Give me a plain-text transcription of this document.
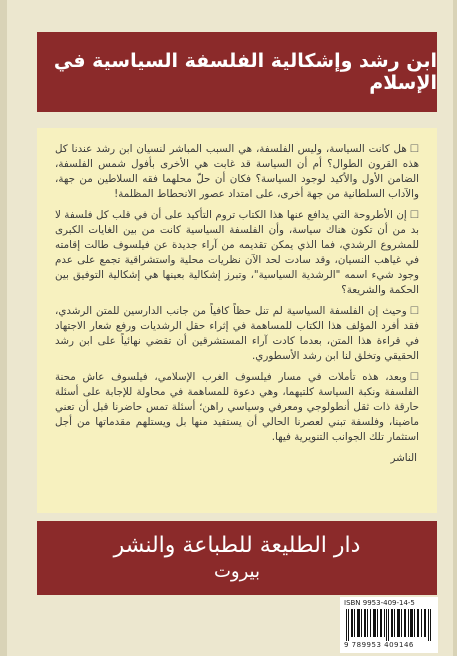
ابن رشد وإشكالية الفلسفة السياسية في الإسلام

☐هل كانت السياسة، وليس الفلسفة، هي السبب المباشر لنسيان ابن رشد عندنا كل هذه القرون الطوال؟ أم أن السياسة قد غابت هي الأخرى بأفول شمس الفلسفة، الضامن الأول والأكيد لوجود السياسة؟ فكان أن حلّ محلهما فقه السلاطين من جهة، والآداب السلطانية من جهة أخرى، على امتداد عصور الانحطاط المظلمة!

☐إن الأطروحة التي يدافع عنها هذا الكتاب تروم التأكيد على أن في قلب كل فلسفة لا بد من أن تكون هناك سياسة، وأن الفلسفة السياسية كانت من بين الغايات الكبرى للمشروع الرشدي، فما الذي يمكن تقديمه من آراء جديدة عن فيلسوف طالت إقامته في غياهب النسيان، وقد سادت لحد الآن نظريات محلية واستشراقية تجمع على عدم وجود شيء اسمه "الرشدية السياسية"، وتبرز إشكالية بعينها هي إشكالية التوفيق بين الحكمة والشريعة؟

☐وحيث إن الفلسفة السياسية لم تنل حظاً كافياً من جانب الدارسين للمتن الرشدي، فقد أفرد المؤلف هذا الكتاب للمساهمة في إثراء حقل الرشديات ورفع شعار الاجتهاد في قراءة هذا المتن، بعدما كادت آراء المستشرقين أن تقضي نهائياً على ابن رشد الحقيقي وتخلق لنا ابن رشد الأسطوري.

☐وبعد، هذه تأملات في مسار فيلسوف الغرب الإسلامي، فيلسوف عاش محنة الفلسفة ونكبة السياسة كلتيهما، وهي دعوة للمساهمة في محاولة للإجابة على أسئلة حارقة ذات ثقل أنطولوجي ومعرفي وسياسي راهن؛ أسئلة تمس حاضرنا قبل أن تعني ماضينا، وفلسفة تبني لعصرنا الحالي أن يستفيد منها بل ويستلهم مقدماتها من أجل استثمار تلك الجوانب التنويرية فيها.

الناشر
دار الطليعة للطباعة والنشر
بيروت
ISBN 9953-409-14-5
9 789953 409146
